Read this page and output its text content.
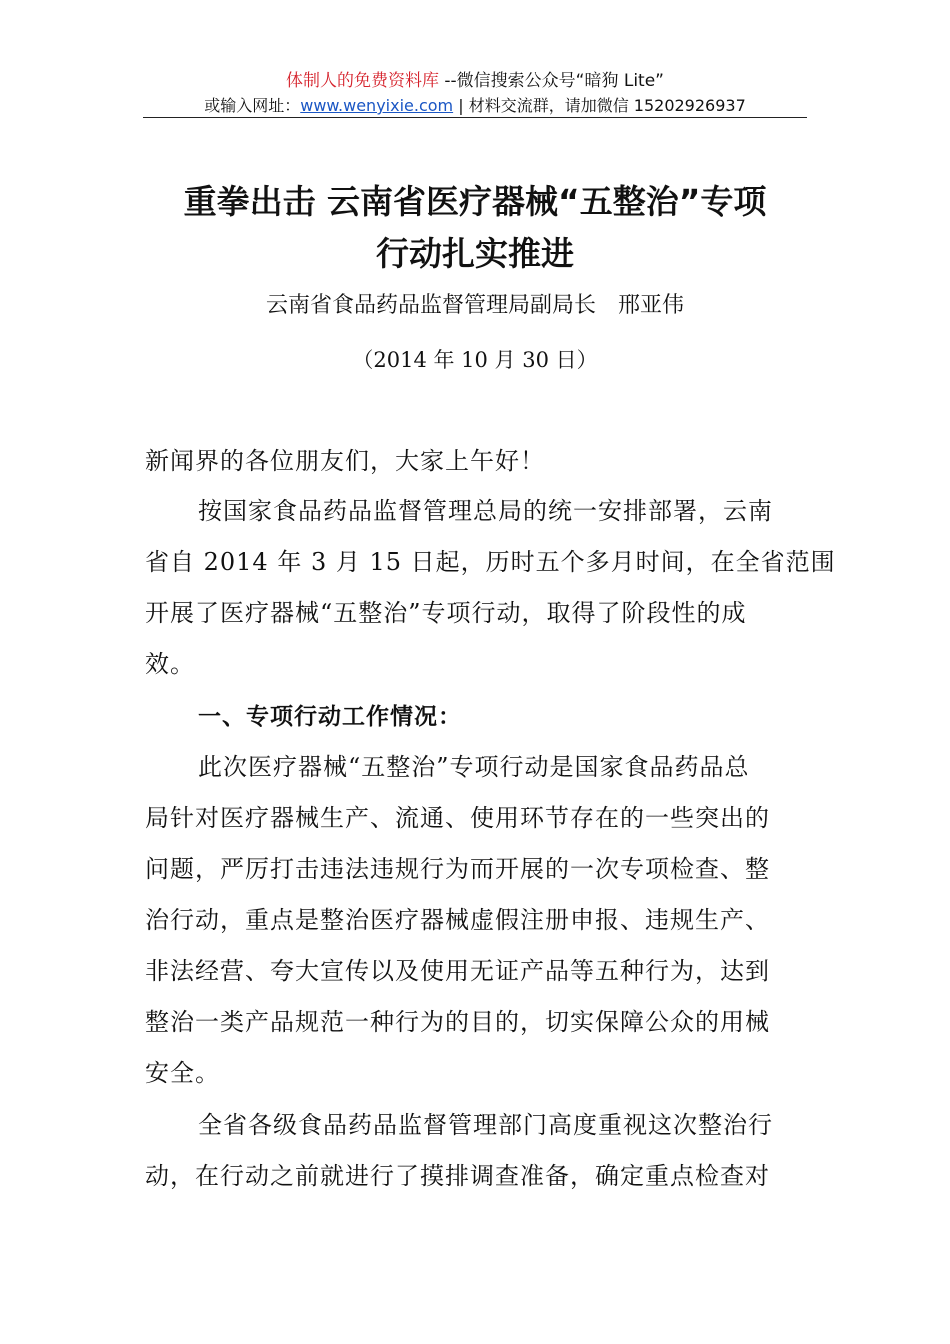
体制人的免费资料库 --微信搜索公众号“暗狗 Lite”
或输入网址：www.wenyixie.com | 材料交流群，请加微信 15202926937
重拳出击 云南省医疗器械“五整治”专项
行动扎实推进
云南省食品药品监督管理局副局长　邢亚伟
（2014 年 10 月 30 日）
新闻界的各位朋友们，大家上午好！
按国家食品药品监督管理总局的统一安排部署，云南
省自 2014 年 3 月 15 日起，历时五个多月时间，在全省范围
开展了医疗器械“五整治”专项行动，取得了阶段性的成
效。
一、专项行动工作情况：
此次医疗器械“五整治”专项行动是国家食品药品总
局针对医疗器械生产、流通、使用环节存在的一些突出的
问题，严厉打击违法违规行为而开展的一次专项检查、整
治行动，重点是整治医疗器械虚假注册申报、违规生产、
非法经营、夸大宣传以及使用无证产品等五种行为，达到
整治一类产品规范一种行为的目的，切实保障公众的用械
安全。
全省各级食品药品监督管理部门高度重视这次整治行
动，在行动之前就进行了摸排调查准备，确定重点检查对
